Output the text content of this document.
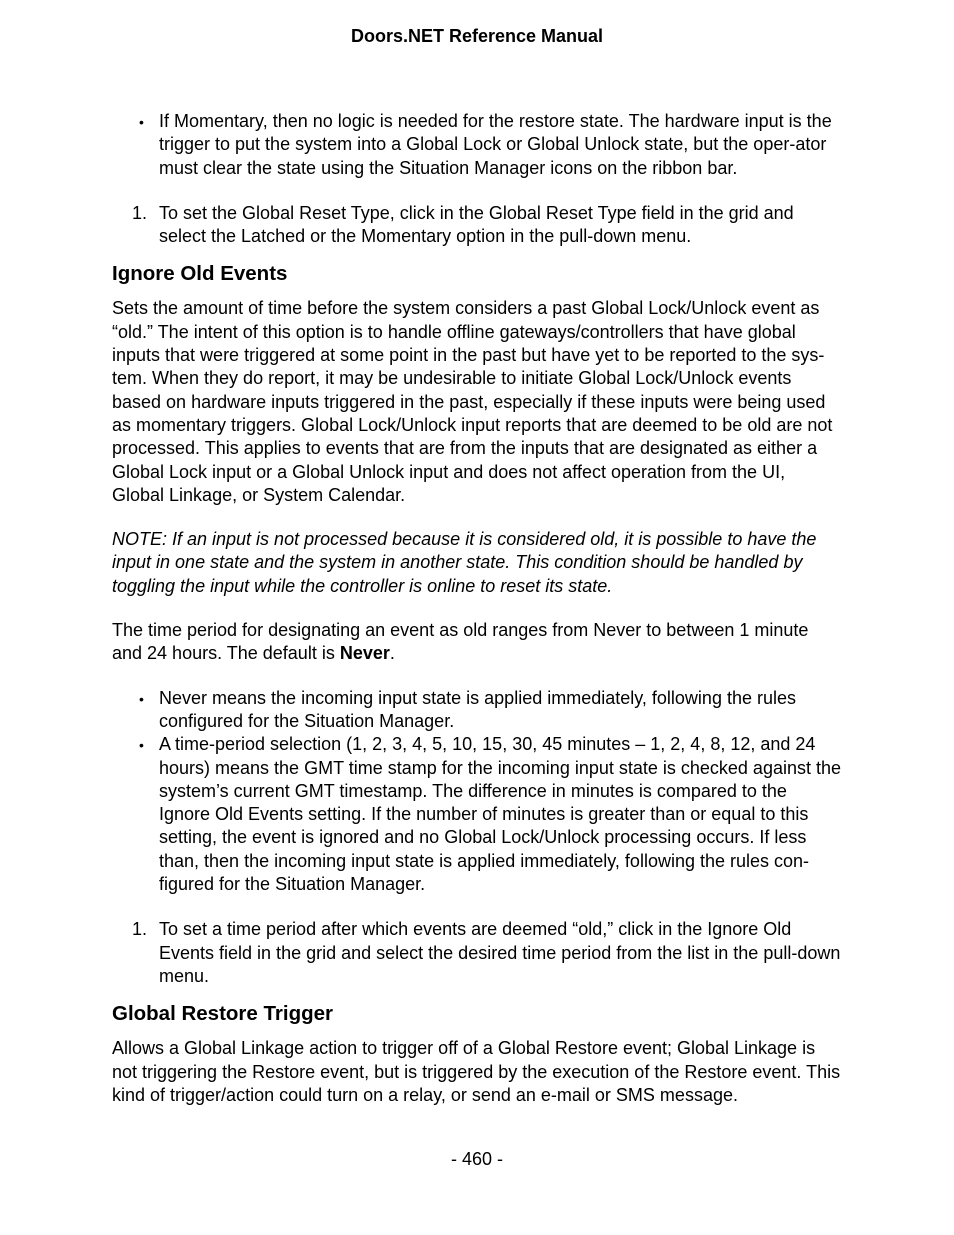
Doors.NET Reference Manual
• If Momentary, then no logic is needed for the restore state. The hardware input is the trigger to put the system into a Global Lock or Global Unlock state, but the oper-ator must clear the state using the Situation Manager icons on the ribbon bar.
1. To set the Global Reset Type, click in the Global Reset Type field in the grid and select the Latched or the Momentary option in the pull-down menu.
Ignore Old Events

Sets the amount of time before the system considers a past Global Lock/Unlock event as “old.” The intent of this option is to handle offline gateways/controllers that have global inputs that were triggered at some point in the past but have yet to be reported to the sys-tem. When they do report, it may be undesirable to initiate Global Lock/Unlock events based on hardware inputs triggered in the past, especially if these inputs were being used as momentary triggers. Global Lock/Unlock input reports that are deemed to be old are not processed. This applies to events that are from the inputs that are designated as either a Global Lock input or a Global Unlock input and does not affect operation from the UI, Global Linkage, or System Calendar.

NOTE: If an input is not processed because it is considered old, it is possible to have the input in one state and the system in another state. This condition should be handled by toggling the input while the controller is online to reset its state.

The time period for designating an event as old ranges from Never to between 1 minute and 24 hours. The default is Never.

• Never means the incoming input state is applied immediately, following the rules configured for the Situation Manager.
• A time-period selection (1, 2, 3, 4, 5, 10, 15, 30, 45 minutes – 1, 2, 4, 8, 12, and 24 hours) means the GMT time stamp for the incoming input state is checked against the system’s current GMT timestamp. The difference in minutes is compared to the Ignore Old Events setting. If the number of minutes is greater than or equal to this setting, the event is ignored and no Global Lock/Unlock processing occurs. If less than, then the incoming input state is applied immediately, following the rules con-figured for the Situation Manager.
1. To set a time period after which events are deemed “old,” click in the Ignore Old Events field in the grid and select the desired time period from the list in the pull-down menu.
Global Restore Trigger

Allows a Global Linkage action to trigger off of a Global Restore event; Global Linkage is not triggering the Restore event, but is triggered by the execution of the Restore event. This kind of trigger/action could turn on a relay, or send an e-mail or SMS message.

- 460 -
